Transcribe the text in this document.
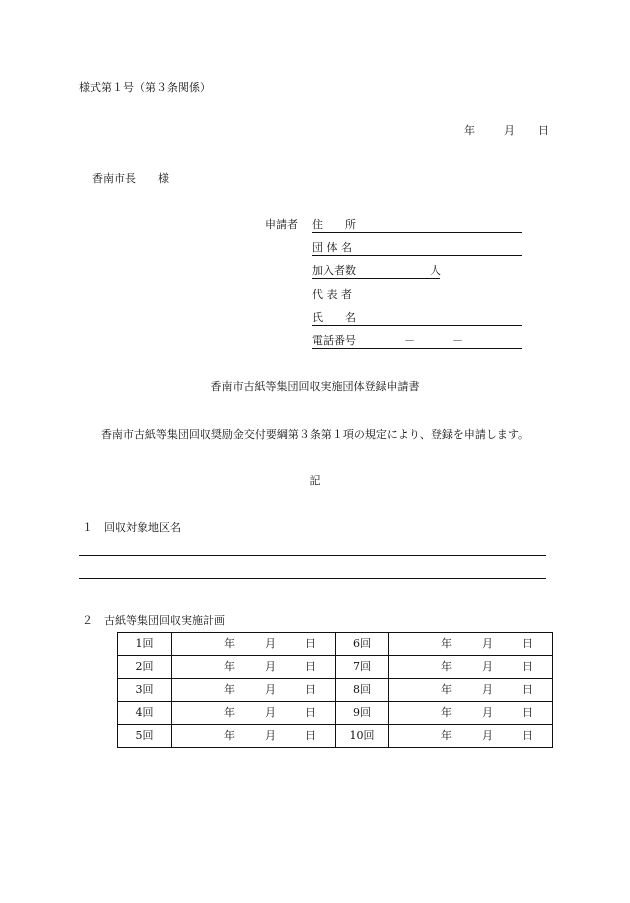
様式第１号（第３条関係）
年	月 日
香南市長　　様
申請者 住　　所
団 体 名
加入者数	人
代 表 者
氏　　名
電話番号	－	－
香南市古紙等集団回収実施団体登録申請書
香南市古紙等集団回収奨励金交付要綱第３条第１項の規定により、登録を申請します。
記
１　回収対象地区名
２　古紙等集団回収実施計画
1回	年 月 日	6回	年 月 日

2回	年 月 日	7回	年 月 日

3回	年 月 日	8回	年 月 日

4回	年 月 日	9回	年 月 日

5回	年 月 日	10回	年 月 日
